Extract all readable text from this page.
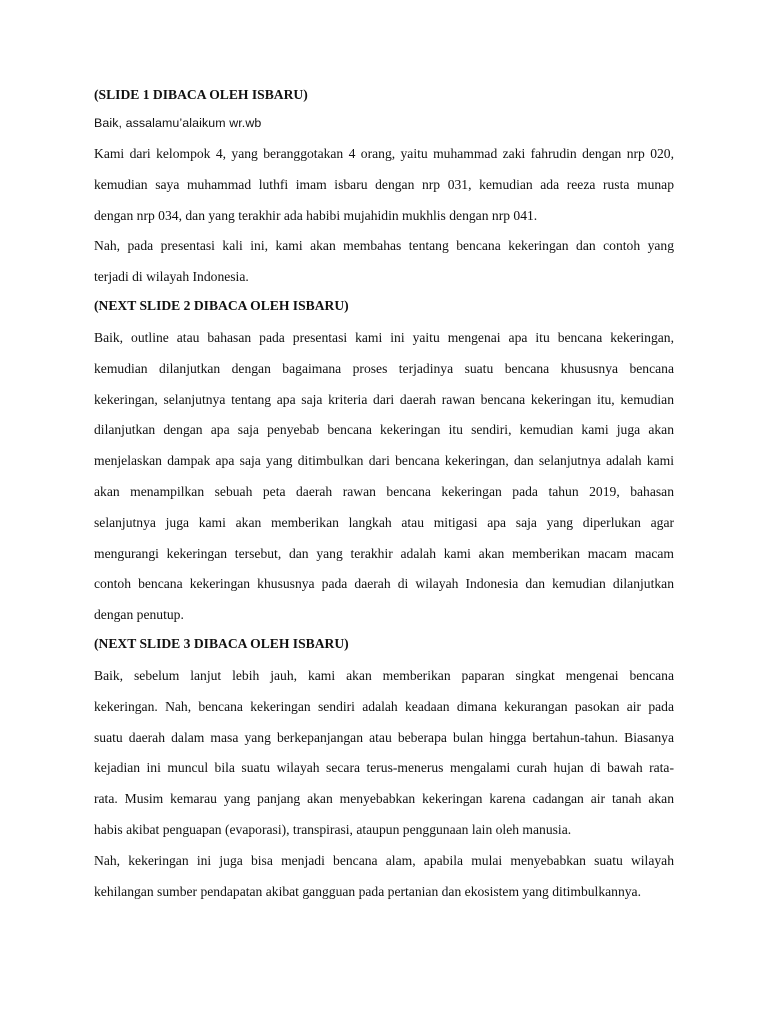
(SLIDE 1 DIBACA OLEH ISBARU)
Baik, assalamu’alaikum wr.wb
Kami dari kelompok 4, yang beranggotakan 4 orang, yaitu muhammad zaki fahrudin dengan nrp 020,
kemudian saya muhammad luthfi imam isbaru dengan nrp 031, kemudian ada reeza rusta munap
dengan nrp 034, dan yang terakhir ada habibi mujahidin mukhlis dengan nrp 041.
Nah, pada presentasi kali ini, kami akan membahas tentang bencana kekeringan dan contoh yang
terjadi di wilayah Indonesia.
(NEXT SLIDE 2 DIBACA OLEH ISBARU)
Baik, outline atau bahasan pada presentasi kami ini yaitu mengenai apa itu bencana kekeringan,
kemudian dilanjutkan dengan bagaimana proses terjadinya suatu bencana khususnya bencana
kekeringan, selanjutnya tentang apa saja kriteria dari daerah rawan bencana kekeringan itu, kemudian
dilanjutkan dengan apa saja penyebab bencana kekeringan itu sendiri, kemudian kami juga akan
menjelaskan dampak apa saja yang ditimbulkan dari bencana kekeringan, dan selanjutnya adalah kami
akan menampilkan sebuah peta daerah rawan bencana kekeringan pada tahun 2019, bahasan
selanjutnya juga kami akan memberikan langkah atau mitigasi apa saja yang diperlukan agar
mengurangi kekeringan tersebut, dan yang terakhir adalah kami akan memberikan macam macam
contoh bencana kekeringan khususnya pada daerah di wilayah Indonesia dan kemudian dilanjutkan
dengan penutup.
(NEXT SLIDE 3 DIBACA OLEH ISBARU)
Baik, sebelum lanjut lebih jauh, kami akan memberikan paparan singkat mengenai bencana
kekeringan. Nah, bencana kekeringan sendiri adalah keadaan dimana kekurangan pasokan air pada
suatu daerah dalam masa yang berkepanjangan atau beberapa bulan hingga bertahun-tahun. Biasanya
kejadian ini muncul bila suatu wilayah secara terus-menerus mengalami curah hujan di bawah rata-
rata. Musim kemarau yang panjang akan menyebabkan kekeringan karena cadangan air tanah akan
habis akibat penguapan (evaporasi), transpirasi, ataupun penggunaan lain oleh manusia.
Nah, kekeringan ini juga bisa menjadi bencana alam, apabila mulai menyebabkan suatu wilayah
kehilangan sumber pendapatan akibat gangguan pada pertanian dan ekosistem yang ditimbulkannya.
